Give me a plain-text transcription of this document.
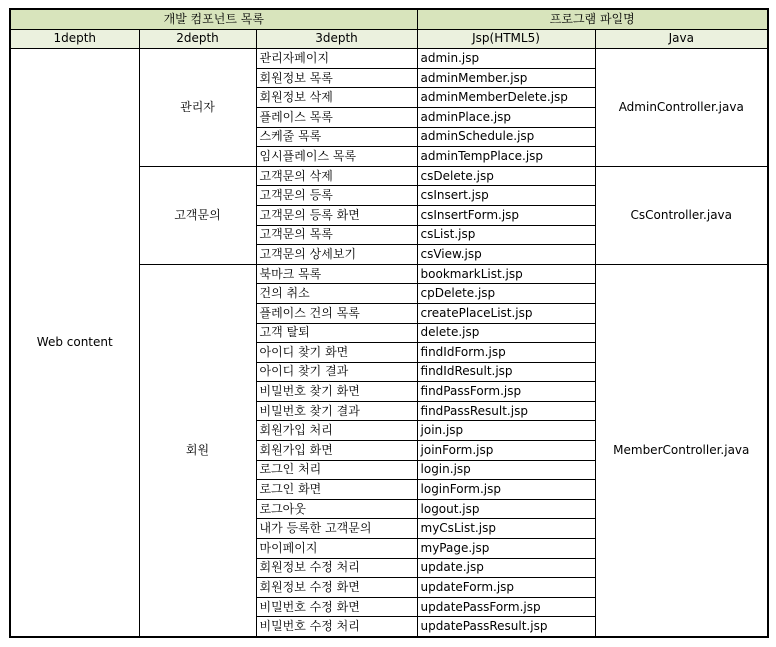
개발 컴포넌트 목록			프로그램 파일명	
1depth	2depth	3depth	Jsp(HTML5)	Java
Web content	관리자	관리자페이지	admin.jsp	AdminController.java
		회원정보 목록	adminMember.jsp	
		회원정보 삭제	adminMemberDelete.jsp	
		플레이스 목록	adminPlace.jsp	
		스케줄 목록	adminSchedule.jsp	
		임시플레이스 목록	adminTempPlace.jsp	
	고객문의	고객문의 삭제	csDelete.jsp	CsController.java
		고객문의 등록	csInsert.jsp	
		고객문의 등록 화면	csInsertForm.jsp	
		고객문의 목록	csList.jsp	
		고객문의 상세보기	csView.jsp	
	회원	북마크 목록	bookmarkList.jsp	MemberController.java
		건의 취소	cpDelete.jsp	
		플레이스 건의 목록	createPlaceList.jsp	
		고객 탈퇴	delete.jsp	
		아이디 찾기 화면	findIdForm.jsp	
		아이디 찾기 결과	findIdResult.jsp	
		비밀번호 찾기 화면	findPassForm.jsp	
		비밀번호 찾기 결과	findPassResult.jsp	
		회원가입 처리	join.jsp	
		회원가입 화면	joinForm.jsp	
		로그인 처리	login.jsp	
		로그인 화면	loginForm.jsp	
		로그아웃	logout.jsp	
		내가 등록한 고객문의	myCsList.jsp	
		마이페이지	myPage.jsp	
		회원정보 수정 처리	update.jsp	
		회원정보 수정 화면	updateForm.jsp	
		비밀번호 수정 화면	updatePassForm.jsp	
		비밀번호 수정 처리	updatePassResult.jsp	
